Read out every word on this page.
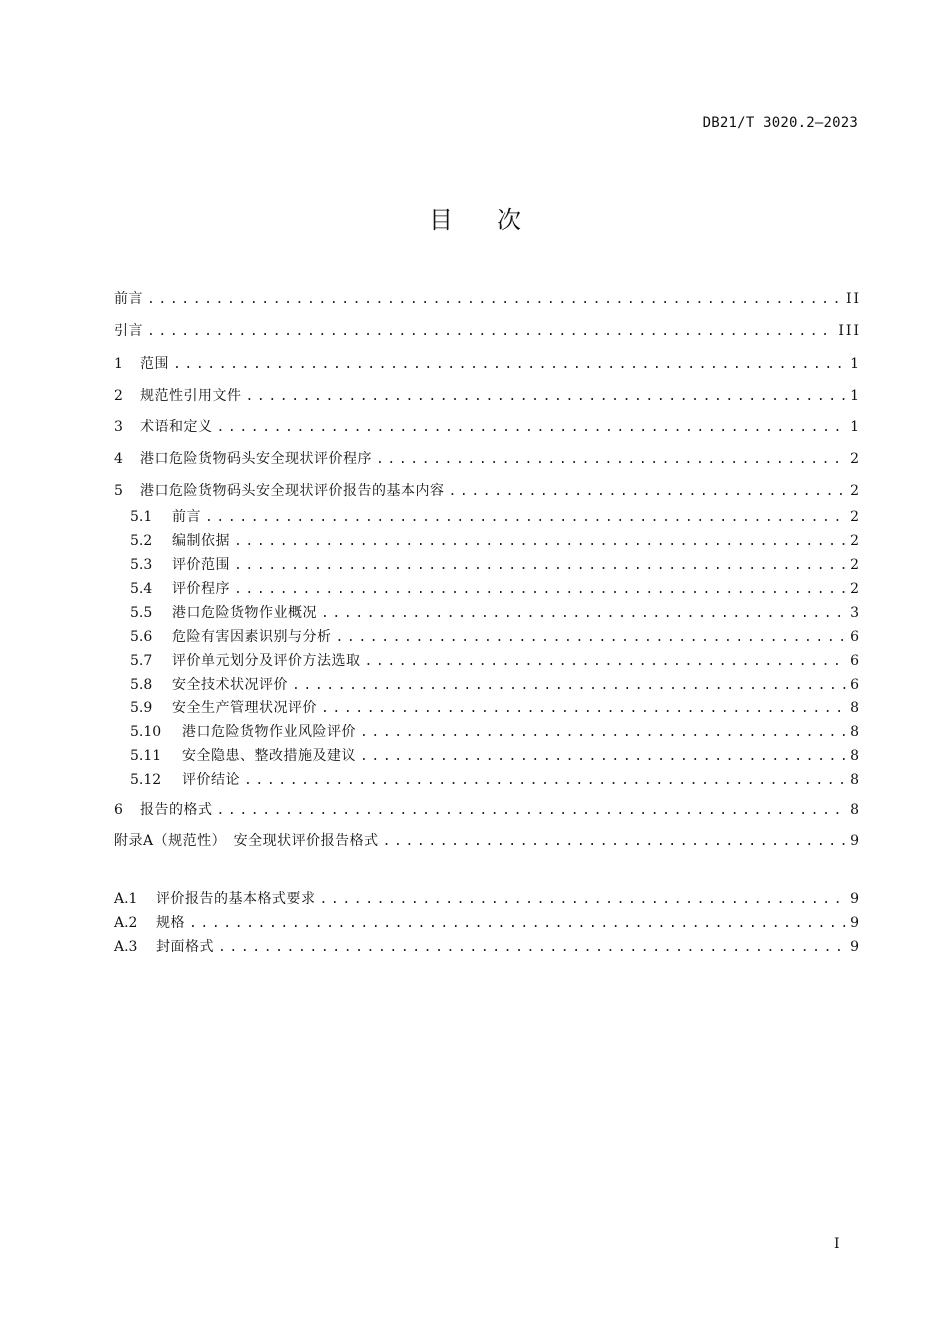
DB21/T 3020.2—2023
目次
前言 .....	II
引言 .....	III
1	范围 .....	1
2	规范性引用文件 .....	1
3	术语和定义 .....	1
4	港口危险货物码头安全现状评价程序 .....	2
5	港口危险货物码头安全现状评价报告的基本内容 .....	2
5.1	前言 .....	2
5.2	编制依据 .....	2
5.3	评价范围 .....	2
5.4	评价程序 .....	2
5.5	港口危险货物作业概况 .....	3
5.6	危险有害因素识别与分析 .....	6
5.7	评价单元划分及评价方法选取 .....	6
5.8	安全技术状况评价 .....	6
5.9	安全生产管理状况评价 .....	8
5.10	港口危险货物作业风险评价 .....	8
5.11	安全隐患、整改措施及建议 .....	8
5.12	评价结论 .....	8
6	报告的格式 .....	8
附录A（规范性）　安全现状评价报告格式 .....	9
A.1	评价报告的基本格式要求 .....	9
A.2	规格 .....	9
A.3	封面格式 .....	9
I
